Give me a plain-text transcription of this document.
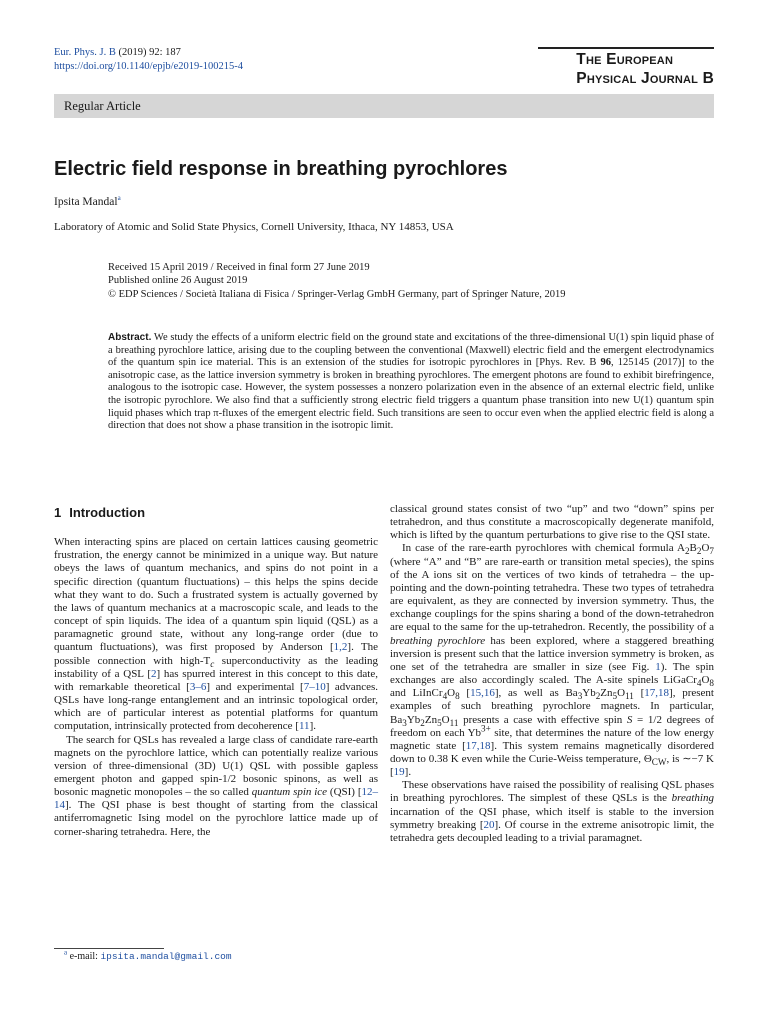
Eur. Phys. J. B (2019) 92: 187
https://doi.org/10.1140/epjb/e2019-100215-4	The European
Physical Journal B
Regular Article
Electric field response in breathing pyrochlores
Ipsita Mandal$^a$
Laboratory of Atomic and Solid State Physics, Cornell University, Ithaca, NY 14853, USA
Received 15 April 2019 / Received in final form 27 June 2019
Published online 26 August 2019
© EDP Sciences / Società Italiana di Fisica / Springer-Verlag GmbH Germany, part of Springer Nature, 2019

Abstract. We study the effects of a uniform electric field on the ground state and excitations of the three-dimensional U(1) spin liquid phase of a breathing pyrochlore lattice, arising due to the coupling between the conventional (Maxwell) electric field and the emergent electrodynamics of the quantum spin ice material. This is an extension of the studies for isotropic pyrochlores in [Phys. Rev. B 96, 125145 (2017)] to the anisotropic case, as the lattice inversion symmetry is broken in breathing pyrochlores. The emergent photons are found to exhibit birefringence, analogous to the isotropic case. However, the system possesses a nonzero polarization even in the absence of an external electric field, unlike the isotropic pyrochlore. We also find that a sufficiently strong electric field triggers a quantum phase transition into new U(1) quantum spin liquid phases which trap π-fluxes of the emergent electric field. Such transitions are seen to occur even when the applied electric field is along a direction that does not show a phase transition in the isotropic limit.

1 Introduction

When interacting spins are placed on certain lattices causing geometric frustration, the energy cannot be minimized in a unique way. But nature obeys the laws of quantum mechanics, and spins do not point in a specific direction (quantum fluctuations) – this helps the spins decide what they want to do. Such a frustrated system is actually governed by the laws of quantum mechanics at a macroscopic scale, and leads to the concept of spin liquids. The idea of a quantum spin liquid (QSL) as a paramagnetic ground state, without any long-range order (due to quantum fluctuations), was first proposed by Anderson [1,2]. The possible connection with high-$T_c$ superconductivity as the leading instability of a QSL [2] has spurred interest in this concept to this date, with remarkable theoretical [3–6] and experimental [7–10] advances. QSLs have long-range entanglement and an intrinsic topological order, which are of particular interest as potential platforms for quantum computation, intrinsically protected from decoherence [11].

The search for QSLs has revealed a large class of candidate rare-earth magnets on the pyrochlore lattice, which can potentially realize various version of three-dimensional (3D) U(1) QSL with possible gapless emergent photon and gapped spin-1/2 bosonic spinons, as well as bosonic magnetic monopoles – the so called quantum spin ice (QSI) [12–14]. The QSI phase is best thought of starting from the classical antiferromagnetic Ising model on the pyrochlore lattice made up of corner-sharing tetrahedra. Here, the

classical ground states consist of two “up” and two “down” spins per tetrahedron, and thus constitute a macroscopically degenerate manifold, which is lifted by the quantum perturbations to give rise to the QSI state.

In case of the rare-earth pyrochlores with chemical formula $A_2B_2O_7$ (where “A” and “B” are rare-earth or transition metal species), the spins of the A ions sit on the vertices of two kinds of tetrahedra – the up-pointing and the down-pointing tetrahedra. These two types of tetrahedra are equivalent, as they are connected by inversion symmetry. Thus, the exchange couplings for the spins sharing a bond of the down-tetrahedron are equal to the same for the up-tetrahedron. Recently, the possibility of a breathing pyrochlore has been explored, where a staggered breathing inversion is present such that the lattice inversion symmetry is broken, as one set of the tetrahedra are smaller in size (see Fig. 1). The spin exchanges are also accordingly scaled. The A-site spinels $LiGaCr_4O_8$ and $LiInCr_4O_8$ [15,16], as well as $Ba_3Yb_2Zn_5O_{11}$ [17,18], present examples of such breathing pyrochlore magnets. In particular, $Ba_3Yb_2Zn_5O_{11}$ presents a case with effective spin S = 1/2 degrees of freedom on each $Yb^{3+}$ site, that determines the nature of the low energy magnetic state [17,18]. This system remains magnetically disordered down to 0.38 K even while the Curie-Weiss temperature, $\Theta_{CW}$, is ∼−7 K [19].

These observations have raised the possibility of realising QSL phases in breathing pyrochlores. The simplest of these QSLs is the breathing incarnation of the QSI phase, which itself is stable to the inversion symmetry breaking [20]. Of course in the extreme anisotropic limit, the tetrahedra gets decoupled leading to a trivial paramagnet.

$^a$ e-mail: ipsita.mandal@gmail.com
